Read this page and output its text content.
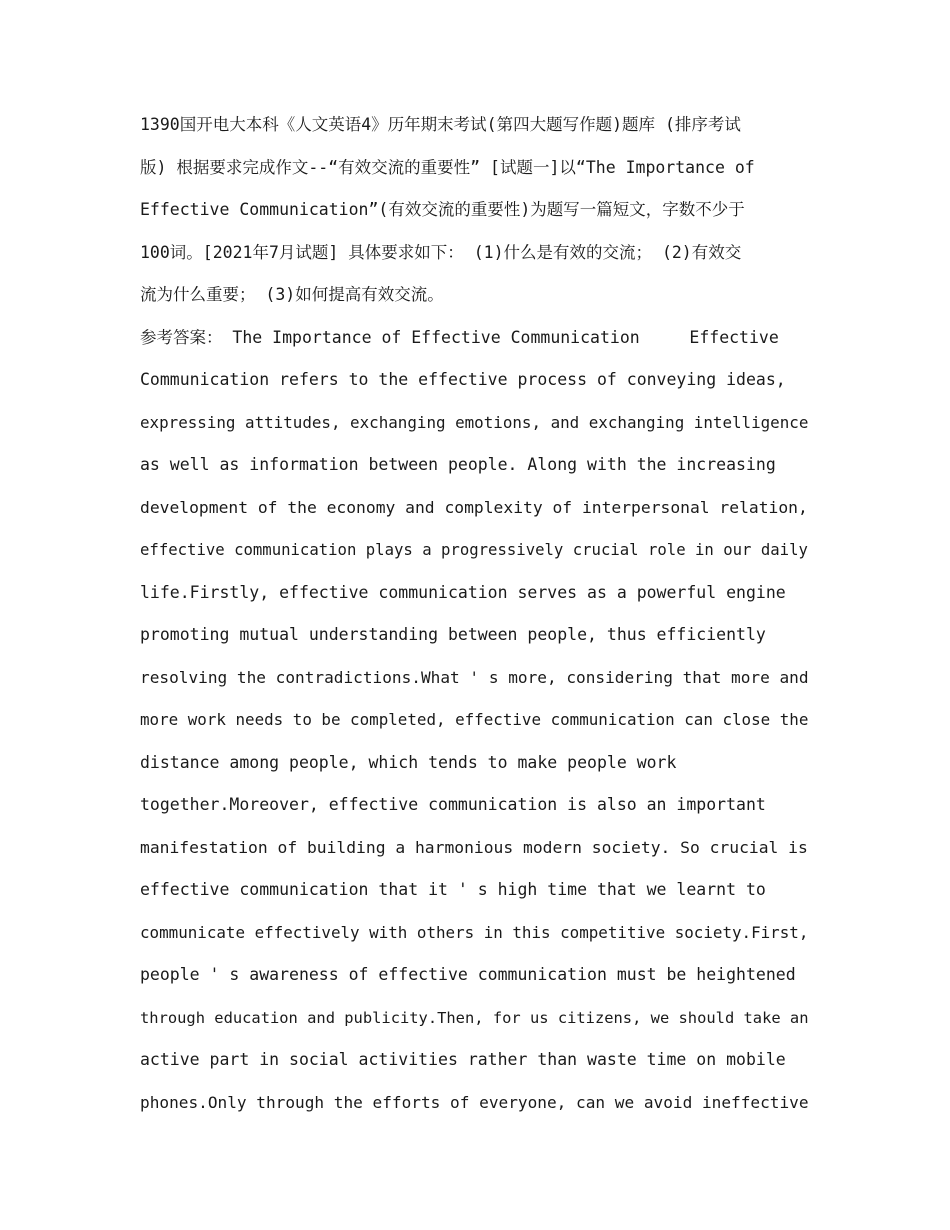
1390国开电大本科《人文英语4》历年期末考试(第四大题写作题)题库 (排序考试
版) 根据要求完成作文--“有效交流的重要性” [试题一]以“The Importance of
Effective Communication”(有效交流的重要性)为题写一篇短文，字数不少于
100词。[2021年7月试题] 具体要求如下： (1)什么是有效的交流； (2)有效交
流为什么重要； (3)如何提高有效交流。
参考答案： The Importance of Effective Communication     Effective
Communication refers to the effective process of conveying ideas,
expressing attitudes, exchanging emotions, and exchanging intelligence
as well as information between people. Along with the increasing
development of the economy and complexity of interpersonal relation,
effective communication plays a progressively crucial role in our daily
life.Firstly, effective communication serves as a powerful engine
promoting mutual understanding between people, thus efficiently
resolving the contradictions.What ' s more, considering that more and
more work needs to be completed, effective communication can close the
distance among people, which tends to make people work
together.Moreover, effective communication is also an important
manifestation of building a harmonious modern society. So crucial is
effective communication that it ' s high time that we learnt to
communicate effectively with others in this competitive society.First,
people ' s awareness of effective communication must be heightened
through education and publicity.Then, for us citizens, we should take an
active part in social activities rather than waste time on mobile
phones.Only through the efforts of everyone, can we avoid ineffective
